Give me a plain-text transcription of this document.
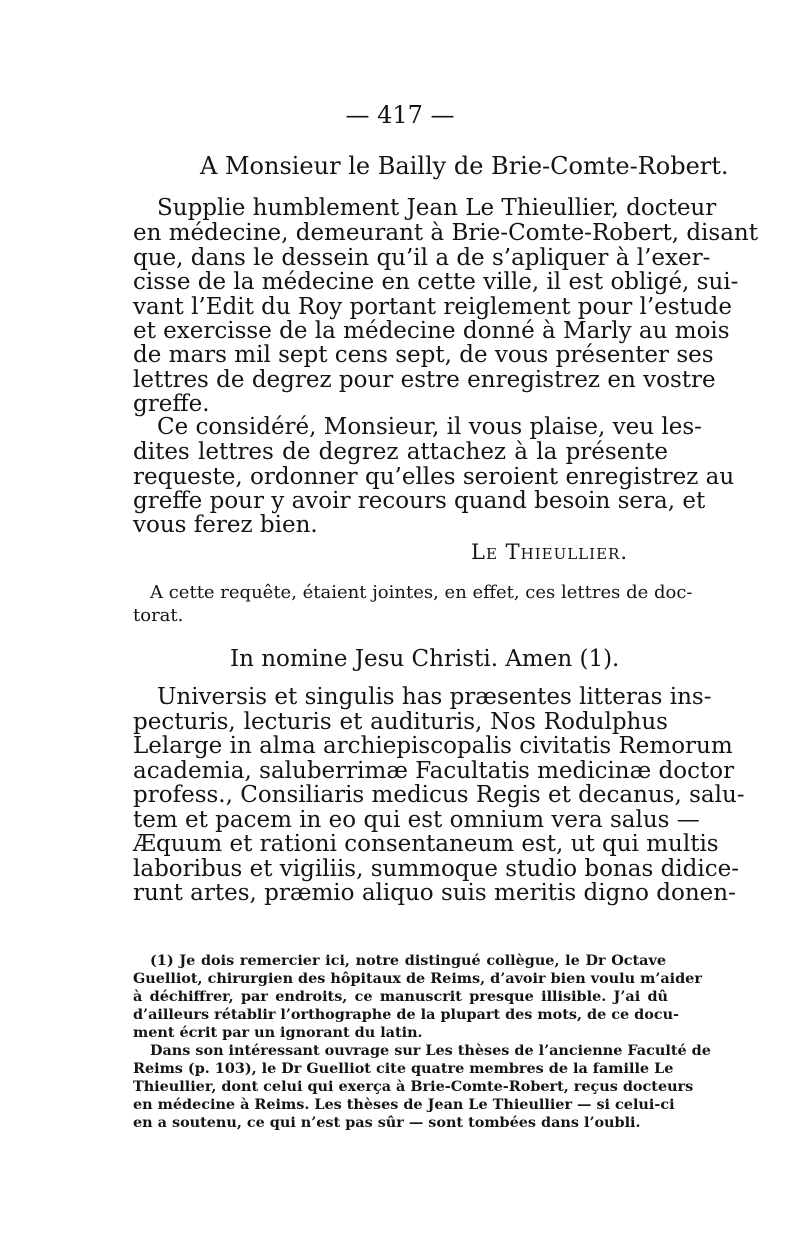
— 417 —
A Monsieur le Bailly de Brie-Comte-Robert.

Supplie humblement Jean Le Thieullier, docteur

en médecine, demeurant à Brie-Comte-Robert, disant

que, dans le dessein qu’il a de s’apliquer à l’exer-

cisse de la médecine en cette ville, il est obligé, sui-

vant l’Edit du Roy portant reiglement pour l’estude

et exercisse de la médecine donné à Marly au mois

de mars mil sept cens sept, de vous présenter ses

lettres de degrez pour estre enregistrez en vostre

greffe.

Ce considéré, Monsieur, il vous plaise, veu les-

dites lettres de degrez attachez à la présente

requeste, ordonner qu’elles seroient enregistrez au

greffe pour y avoir recours quand besoin sera, et

vous ferez bien.

Le Thieullier.

A cette requête, étaient jointes, en effet, ces lettres de doc-

torat.

In nomine Jesu Christi. Amen (1).

Universis et singulis has præsentes litteras ins-

pecturis, lecturis et audituris, Nos Rodulphus

Lelarge in alma archiepiscopalis civitatis Remorum

academia, saluberrimæ Facultatis medicinæ doctor

profess., Consiliaris medicus Regis et decanus, salu-

tem et pacem in eo qui est omnium vera salus —

Æquum et rationi consentaneum est, ut qui multis

laboribus et vigiliis, summoque studio bonas didice-

runt artes, præmio aliquo suis meritis digno donen-

(1) Je dois remercier ici, notre distingué collègue, le Dr Octave

Guelliot, chirurgien des hôpitaux de Reims, d’avoir bien voulu m’aider

à déchiffrer, par endroits, ce manuscrit presque illisible. J’ai dû

d’ailleurs rétablir l’orthographe de la plupart des mots, de ce docu-

ment écrit par un ignorant du latin.

Dans son intéressant ouvrage sur Les thèses de l’ancienne Faculté de

Reims (p. 103), le Dr Guelliot cite quatre membres de la famille Le

Thieullier, dont celui qui exerça à Brie-Comte-Robert, reçus docteurs

en médecine à Reims. Les thèses de Jean Le Thieullier — si celui-ci

en a soutenu, ce qui n’est pas sûr — sont tombées dans l’oubli.
